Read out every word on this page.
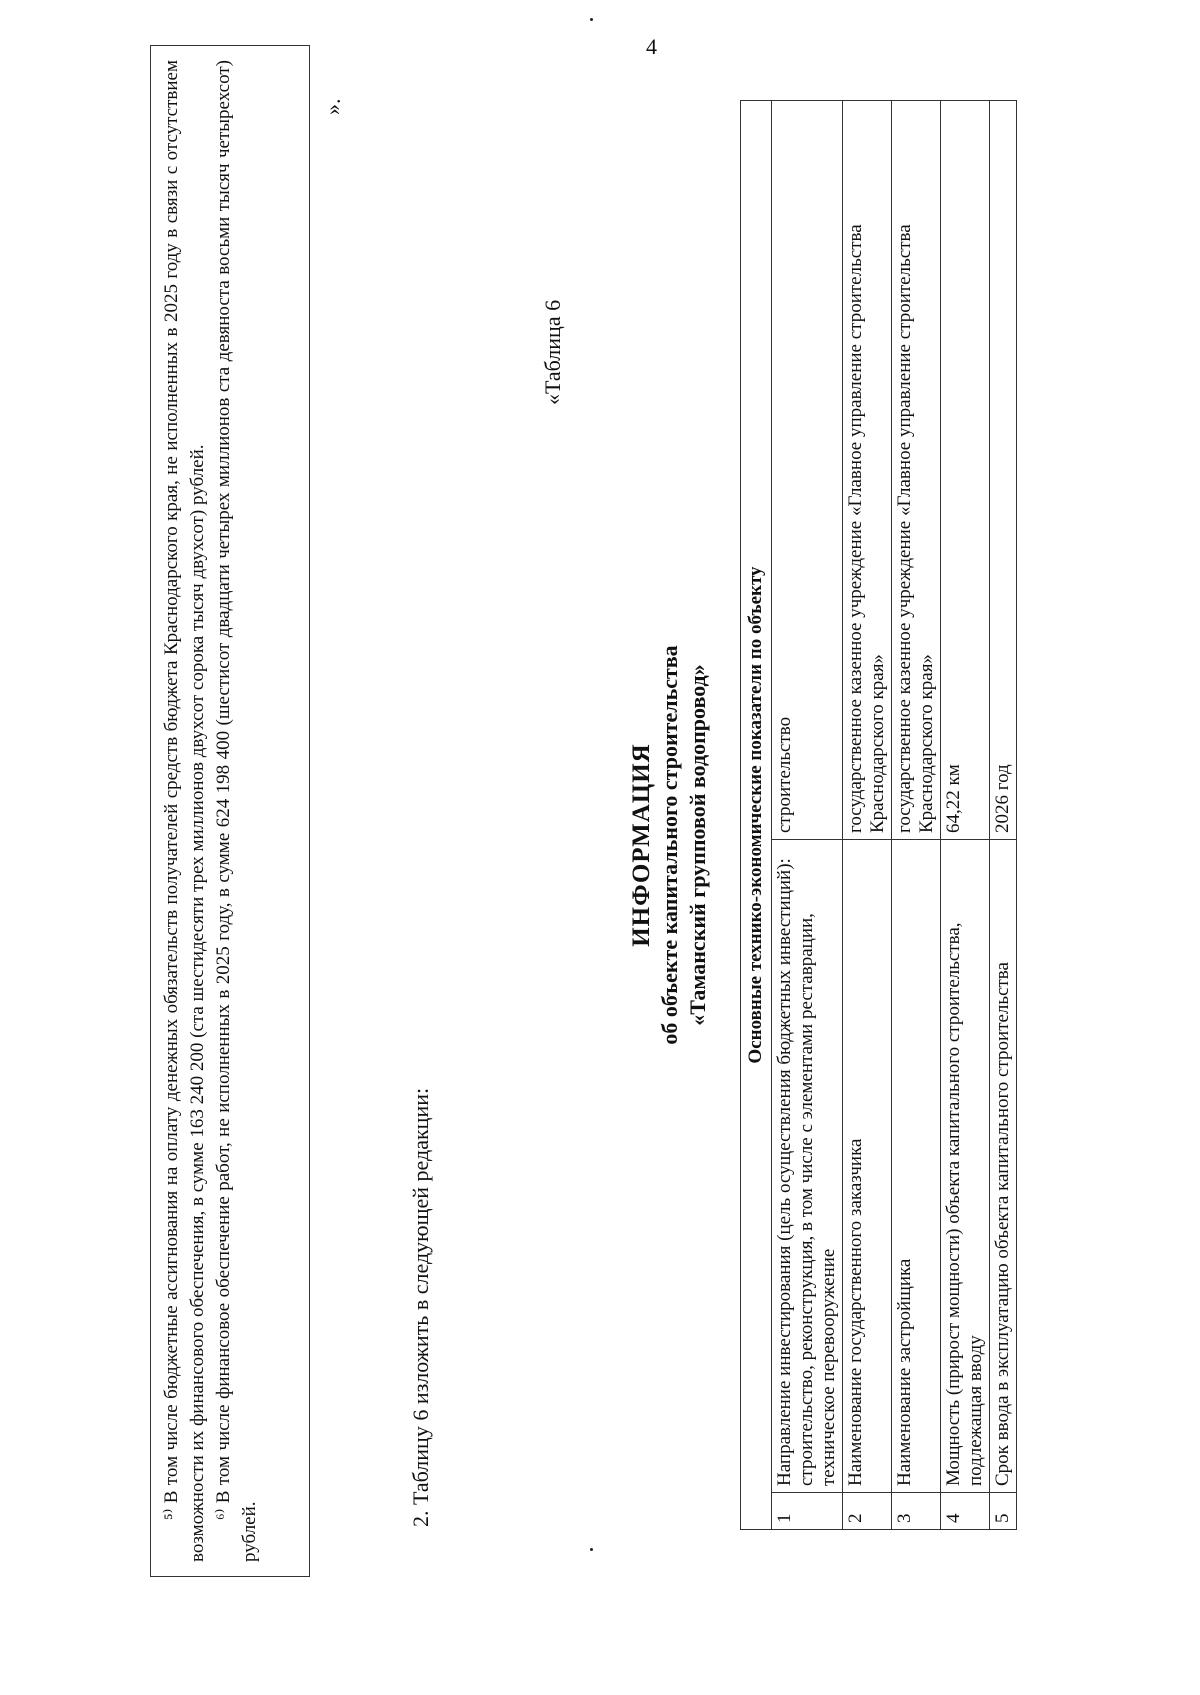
4

⁵⁾ В том числе бюджетные ассигнования на оплату денежных обязательств получателей средств бюджета Краснодарского края, не исполненных в 2025 году в связи с отсутствием возможности их финансового обеспечения, в сумме 163 240 200 (ста шестидесяти трех миллионов двухсот сорока тысяч двухсот) рублей. ⁶⁾ В том числе финансовое обеспечение работ, не исполненных в 2025 году, в сумме 624 198 400 (шестисот двадцати четырех миллионов ста девяноста восьми тысяч четырехсот) рублей.

».
2. Таблицу 6 изложить в следующей редакции:
«Таблица 6
ИНФОРМАЦИЯ об объекте капитального строительства «Таманский групповой водопровод» Основные технико-экономические показатели по объекту		
1	Направление инвестирования (цель осуществления бюджетных инвестиций): строительство, реконструкция, в том числе с элементами реставрации, техническое перевооружение	строительство
2	Наименование государственного заказчика	государственное казенное учреждение «Главное управление строительства Краснодарского края»
3	Наименование застройщика	государственное казенное учреждение «Главное управление строительства Краснодарского края»
4	Мощность (прирост мощности) объекта капитального строительства, подлежащая вводу	64,22 км
5	Срок ввода в эксплуатацию объекта капитального строительства	2026 год
